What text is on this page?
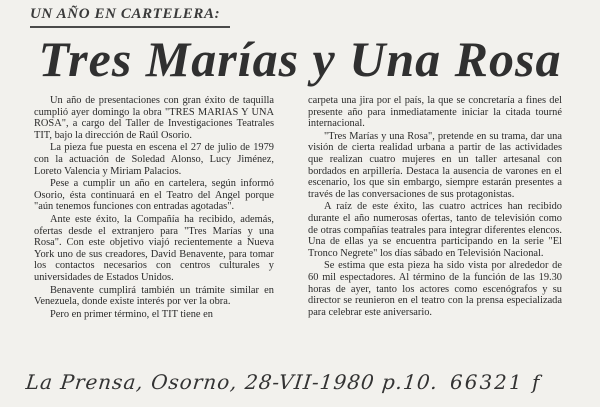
UN AÑO EN CARTELERA:
Tres Marías y Una Rosa

Un año de presentaciones con gran éxito de taquilla cumplió ayer domingo la obra "TRES MARIAS Y UNA ROSA", a cargo del Taller de Investigaciones Teatrales TIT, bajo la dirección de Raúl Osorio.

La pieza fue puesta en escena el 27 de julio de 1979 con la actuación de Soledad Alonso, Lucy Jiménez, Loreto Valencia y Miriam Palacios.

Pese a cumplir un año en cartelera, según informó Osorio, ésta continuará en el Teatro del Angel porque "aún tenemos funciones con entradas agotadas".

Ante este éxito, la Compañía ha recibido, además, ofertas desde el extranjero para "Tres Marías y una Rosa". Con este objetivo viajó recientemente a Nueva York uno de sus creadores, David Benavente, para tomar los contactos necesarios con centros culturales y universidades de Estados Unidos.

Benavente cumplirá también un trámite similar en Venezuela, donde existe interés por ver la obra.

Pero en primer término, el TIT tiene en

carpeta una jira por el país, la que se concretaría a fines del presente año para inmediatamente iniciar la citada tourné internacional.

"Tres Marías y una Rosa", pretende en su trama, dar una visión de cierta realidad urbana a partir de las actividades que realizan cuatro mujeres en un taller artesanal con bordados en arpillería. Destaca la ausencia de varones en el escenario, los que sin embargo, siempre estarán presentes a través de las conversaciones de sus protagonistas.

A raíz de este éxito, las cuatro actrices han recibido durante el año numerosas ofertas, tanto de televisión como de otras compañías teatrales para integrar diferentes elencos. Una de ellas ya se encuentra participando en la serie "El Tronco Negrete" los días sábado en Televisión Nacional.

Se estima que esta pieza ha sido vista por alrededor de 60 mil espectadores. Al término de la función de las 19.30 horas de ayer, tanto los actores como escenógrafos y su director se reunieron en el teatro con la prensa especializada para celebrar este aniversario.

La Prensa, Osorno, 28-VII-1980 p.10. 66321 f
